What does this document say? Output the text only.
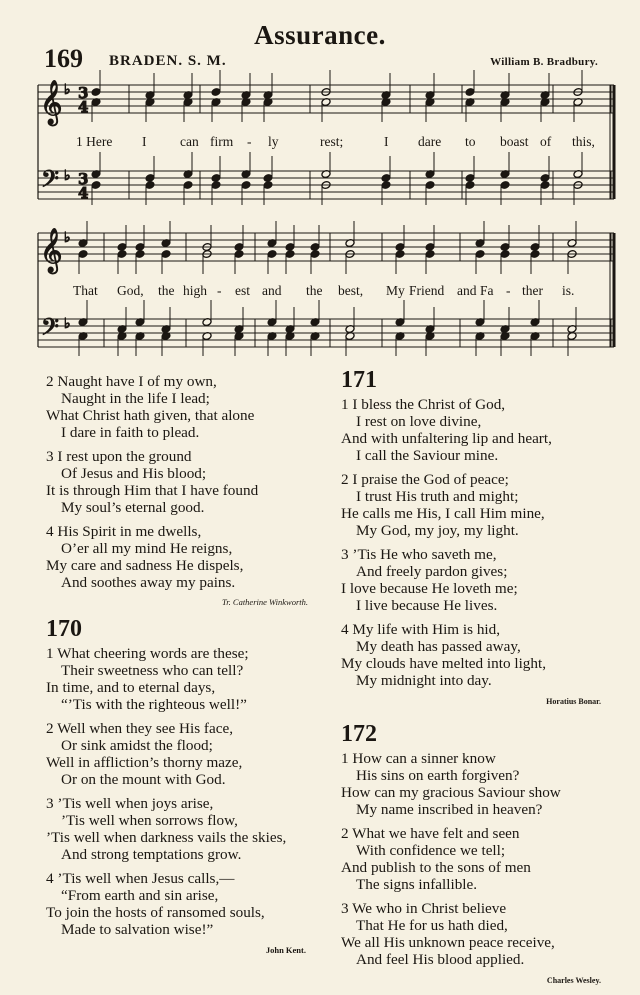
Assurance.
169 BRADEN. S. M.	William B. Bradbury.
𝄞
𝄢
♭
♭
3
4
3
4
𝄞
𝄢
♭
♭
1 Here I can firm - ly	rest;	I dare to boast of this,
That God, the high - est and the best, My Friend and Fa - ther is.
2 Naught have I of my own,
Naught in the life I lead;
What Christ hath given, that alone
I dare in faith to plead.
3 I rest upon the ground
Of Jesus and His blood;
It is through Him that I have found
My soul’s eternal good.
4 His Spirit in me dwells,
O’er all my mind He reigns,
My care and sadness He dispels,
And soothes away my pains.
Tr. Catherine Winkworth.
170
1 What cheering words are these;
Their sweetness who can tell?
In time, and to eternal days,
“’Tis with the righteous well!”
2 Well when they see His face,
Or sink amidst the flood;
Well in affliction’s thorny maze,
Or on the mount with God.
3 ’Tis well when joys arise,
’Tis well when sorrows flow,
’Tis well when darkness vails the skies,
And strong temptations grow.
4 ’Tis well when Jesus calls,—
“From earth and sin arise,
To join the hosts of ransomed souls,
Made to salvation wise!”
John Kent.
171
1 I bless the Christ of God,
I rest on love divine,
And with unfaltering lip and heart,
I call the Saviour mine.
2 I praise the God of peace;
I trust His truth and might;
He calls me His, I call Him mine,
My God, my joy, my light.
3 ’Tis He who saveth me,
And freely pardon gives;
I love because He loveth me;
I live because He lives.
4 My life with Him is hid,
My death has passed away,
My clouds have melted into light,
My midnight into day.
Horatius Bonar.
172
1 How can a sinner know
His sins on earth forgiven?
How can my gracious Saviour show
My name inscribed in heaven?
2 What we have felt and seen
With confidence we tell;
And publish to the sons of men
The signs infallible.
3 We who in Christ believe
That He for us hath died,
We all His unknown peace receive,
And feel His blood applied.
Charles Wesley.
